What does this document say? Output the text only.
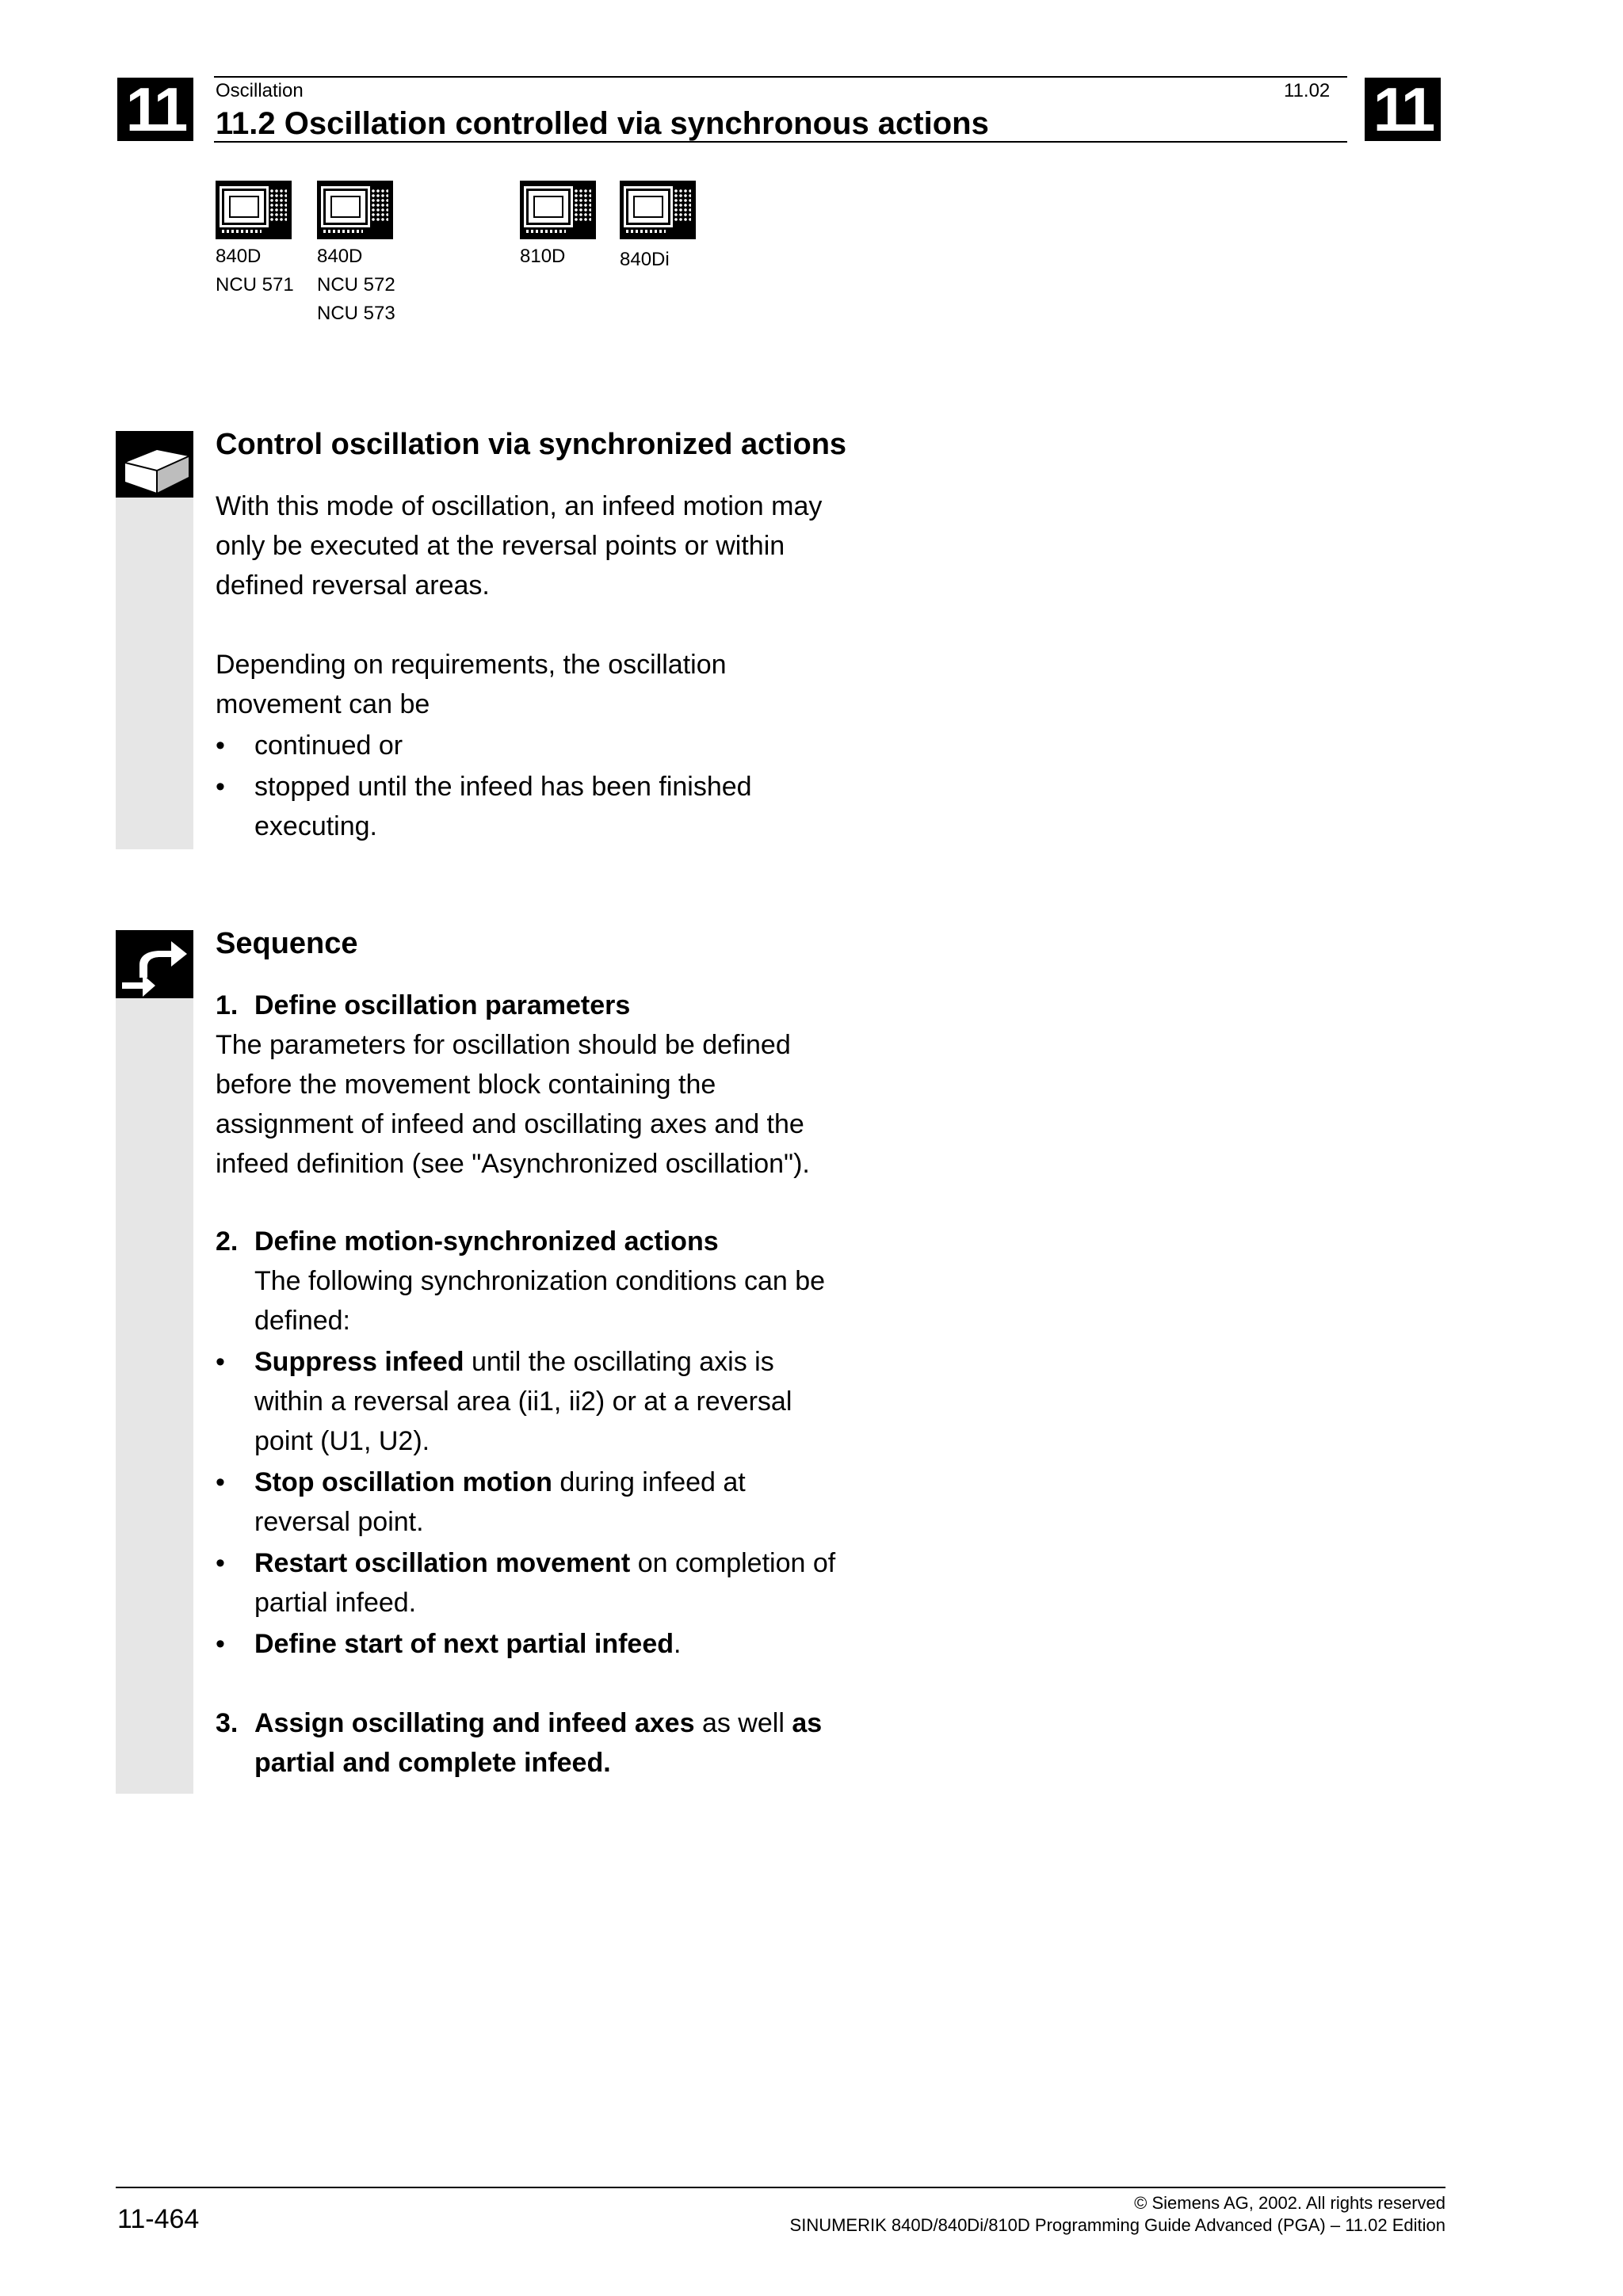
11	11
Oscillation	11.02
11.2 Oscillation controlled via synchronous actions
840D
NCU 571
840D
NCU 572
NCU 573
810D	840Di
Control oscillation via synchronized actions
With this mode of oscillation, an infeed motion may
only be executed at the reversal points or within
defined reversal areas.
Depending on requirements, the oscillation
movement can be
• continued or
• stopped until the infeed has been finished
executing.
Sequence
1. Define oscillation parameters
The parameters for oscillation should be defined
before the movement block containing the
assignment of infeed and oscillating axes and the
infeed definition (see "Asynchronized oscillation").
2. Define motion-synchronized actions
The following synchronization conditions can be
defined:
• Suppress infeed until the oscillating axis is
within a reversal area (ii1, ii2) or at a reversal
point (U1, U2).
• Stop oscillation motion during infeed at
reversal point.
• Restart oscillation movement on completion of
partial infeed.
• Define start of next partial infeed.
3. Assign oscillating and infeed axes as well as
partial and complete infeed.
11-464
© Siemens AG, 2002. All rights reserved
SINUMERIK 840D/840Di/810D Programming Guide Advanced (PGA) – 11.02 Edition
